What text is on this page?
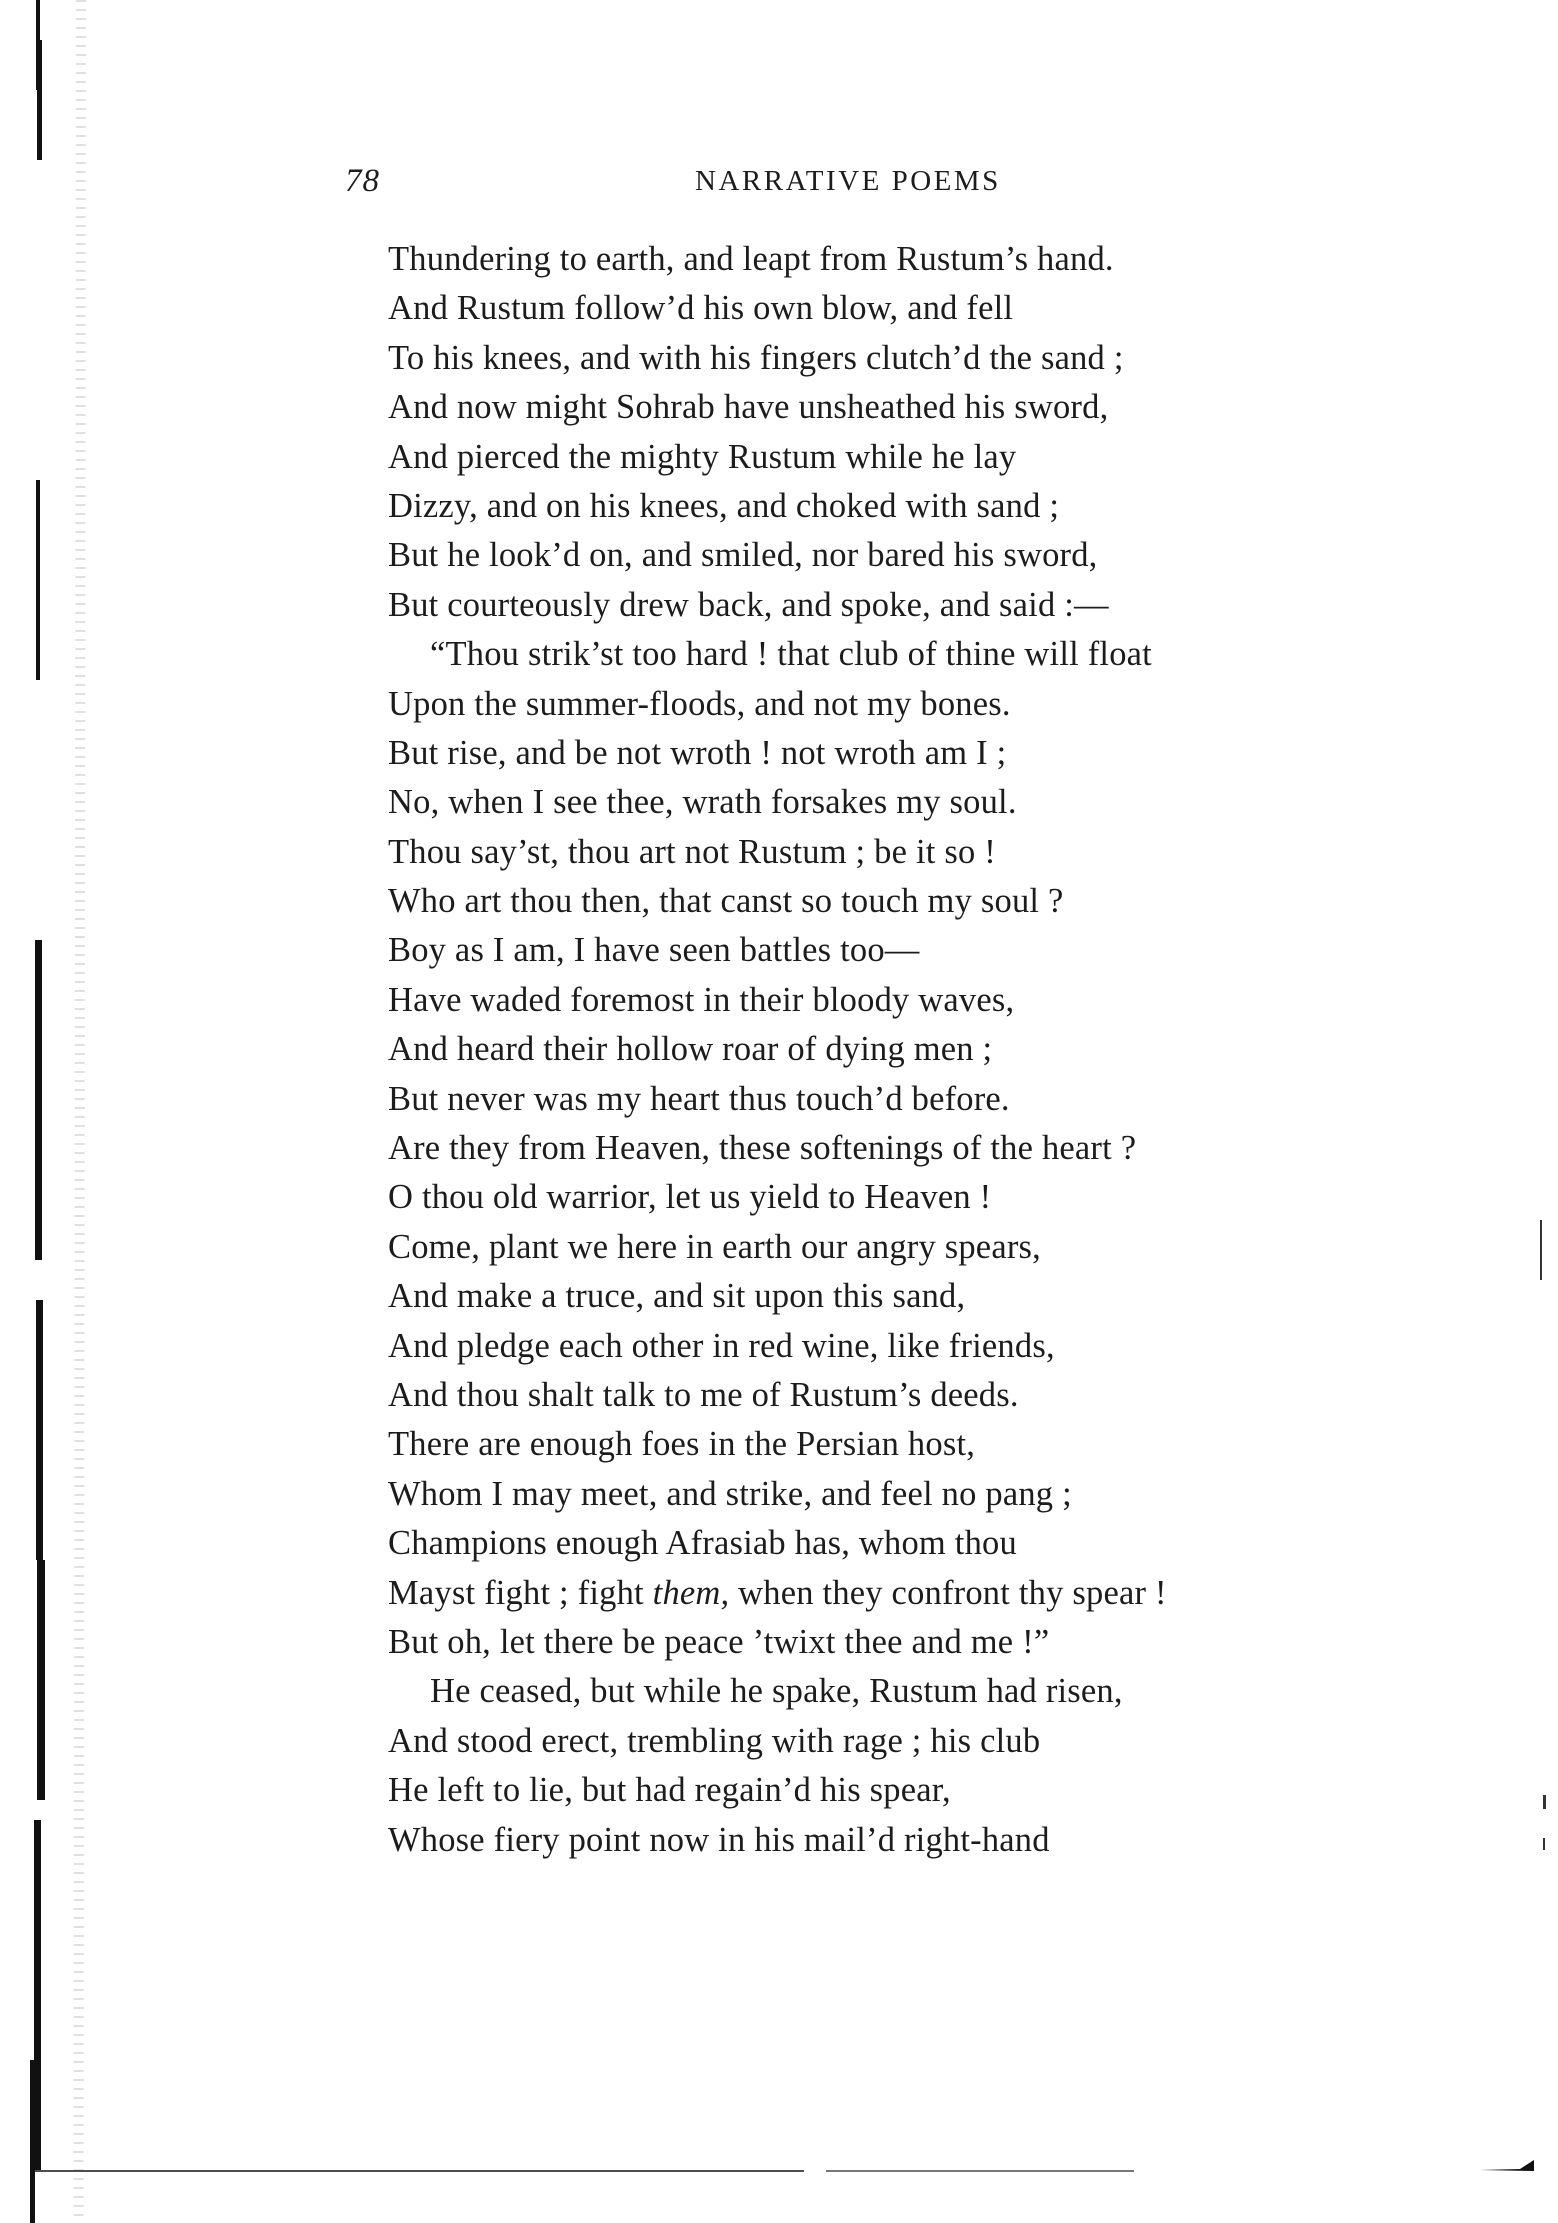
78	NARRATIVE POEMS
Thundering to earth, and leapt from Rustum’s hand.
And Rustum follow’d his own blow, and fell
To his knees, and with his fingers clutch’d the sand ;
And now might Sohrab have unsheathed his sword,
And pierced the mighty Rustum while he lay
Dizzy, and on his knees, and choked with sand ;
But he look’d on, and smiled, nor bared his sword,
But courteously drew back, and spoke, and said :—
“Thou strik’st too hard ! that club of thine will float
Upon the summer-floods, and not my bones.
But rise, and be not wroth ! not wroth am I ;
No, when I see thee, wrath forsakes my soul.
Thou say’st, thou art not Rustum ; be it so !
Who art thou then, that canst so touch my soul ?
Boy as I am, I have seen battles too—
Have waded foremost in their bloody waves,
And heard their hollow roar of dying men ;
But never was my heart thus touch’d before.
Are they from Heaven, these softenings of the heart ?
O thou old warrior, let us yield to Heaven !
Come, plant we here in earth our angry spears,
And make a truce, and sit upon this sand,
And pledge each other in red wine, like friends,
And thou shalt talk to me of Rustum’s deeds.
There are enough foes in the Persian host,
Whom I may meet, and strike, and feel no pang ;
Champions enough Afrasiab has, whom thou
Mayst fight ; fight them, when they confront thy spear !
But oh, let there be peace ’twixt thee and me !”
He ceased, but while he spake, Rustum had risen,
And stood erect, trembling with rage ; his club
He left to lie, but had regain’d his spear,
Whose fiery point now in his mail’d right-hand
